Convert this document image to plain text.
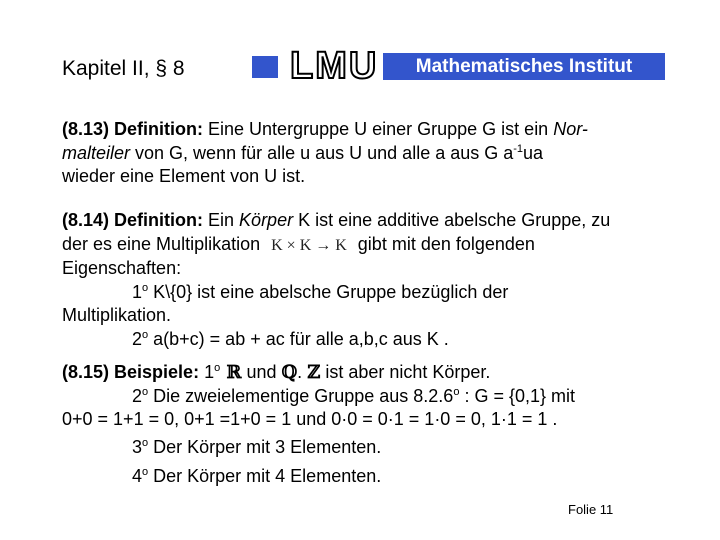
Kapitel II, § 8	LMU	Mathematisches Institut
(8.13) Definition: Eine Untergruppe U einer Gruppe G ist ein Nor-
malteiler von G, wenn für alle u aus U und alle a aus G $a^{-1}ua$
wieder eine Element von U ist.
(8.14) Definition: Ein Körper K ist eine additive abelsche Gruppe, zu
der es eine Multiplikation K × K → K gibt mit den folgenden
Eigenschaften:
1$^o$ K\{0} ist eine abelsche Gruppe bezüglich der
Multiplikation.
2$^o$ a(b+c) = ab + ac für alle a,b,c aus K .
(8.15) Beispiele: 1$^o$ ℝ und ℚ. ℤ ist aber nicht Körper.
2$^o$ Die zweielementige Gruppe aus 8.2.6$^o$ : G = {0,1} mit
0+0 = 1+1 = 0, 0+1 =1+0 = 1 und 0·0 = 0·1 = 1·0 = 0, 1·1 = 1 .
3$^o$ Der Körper mit 3 Elementen.
4$^o$ Der Körper mit 4 Elementen.
Folie 11
